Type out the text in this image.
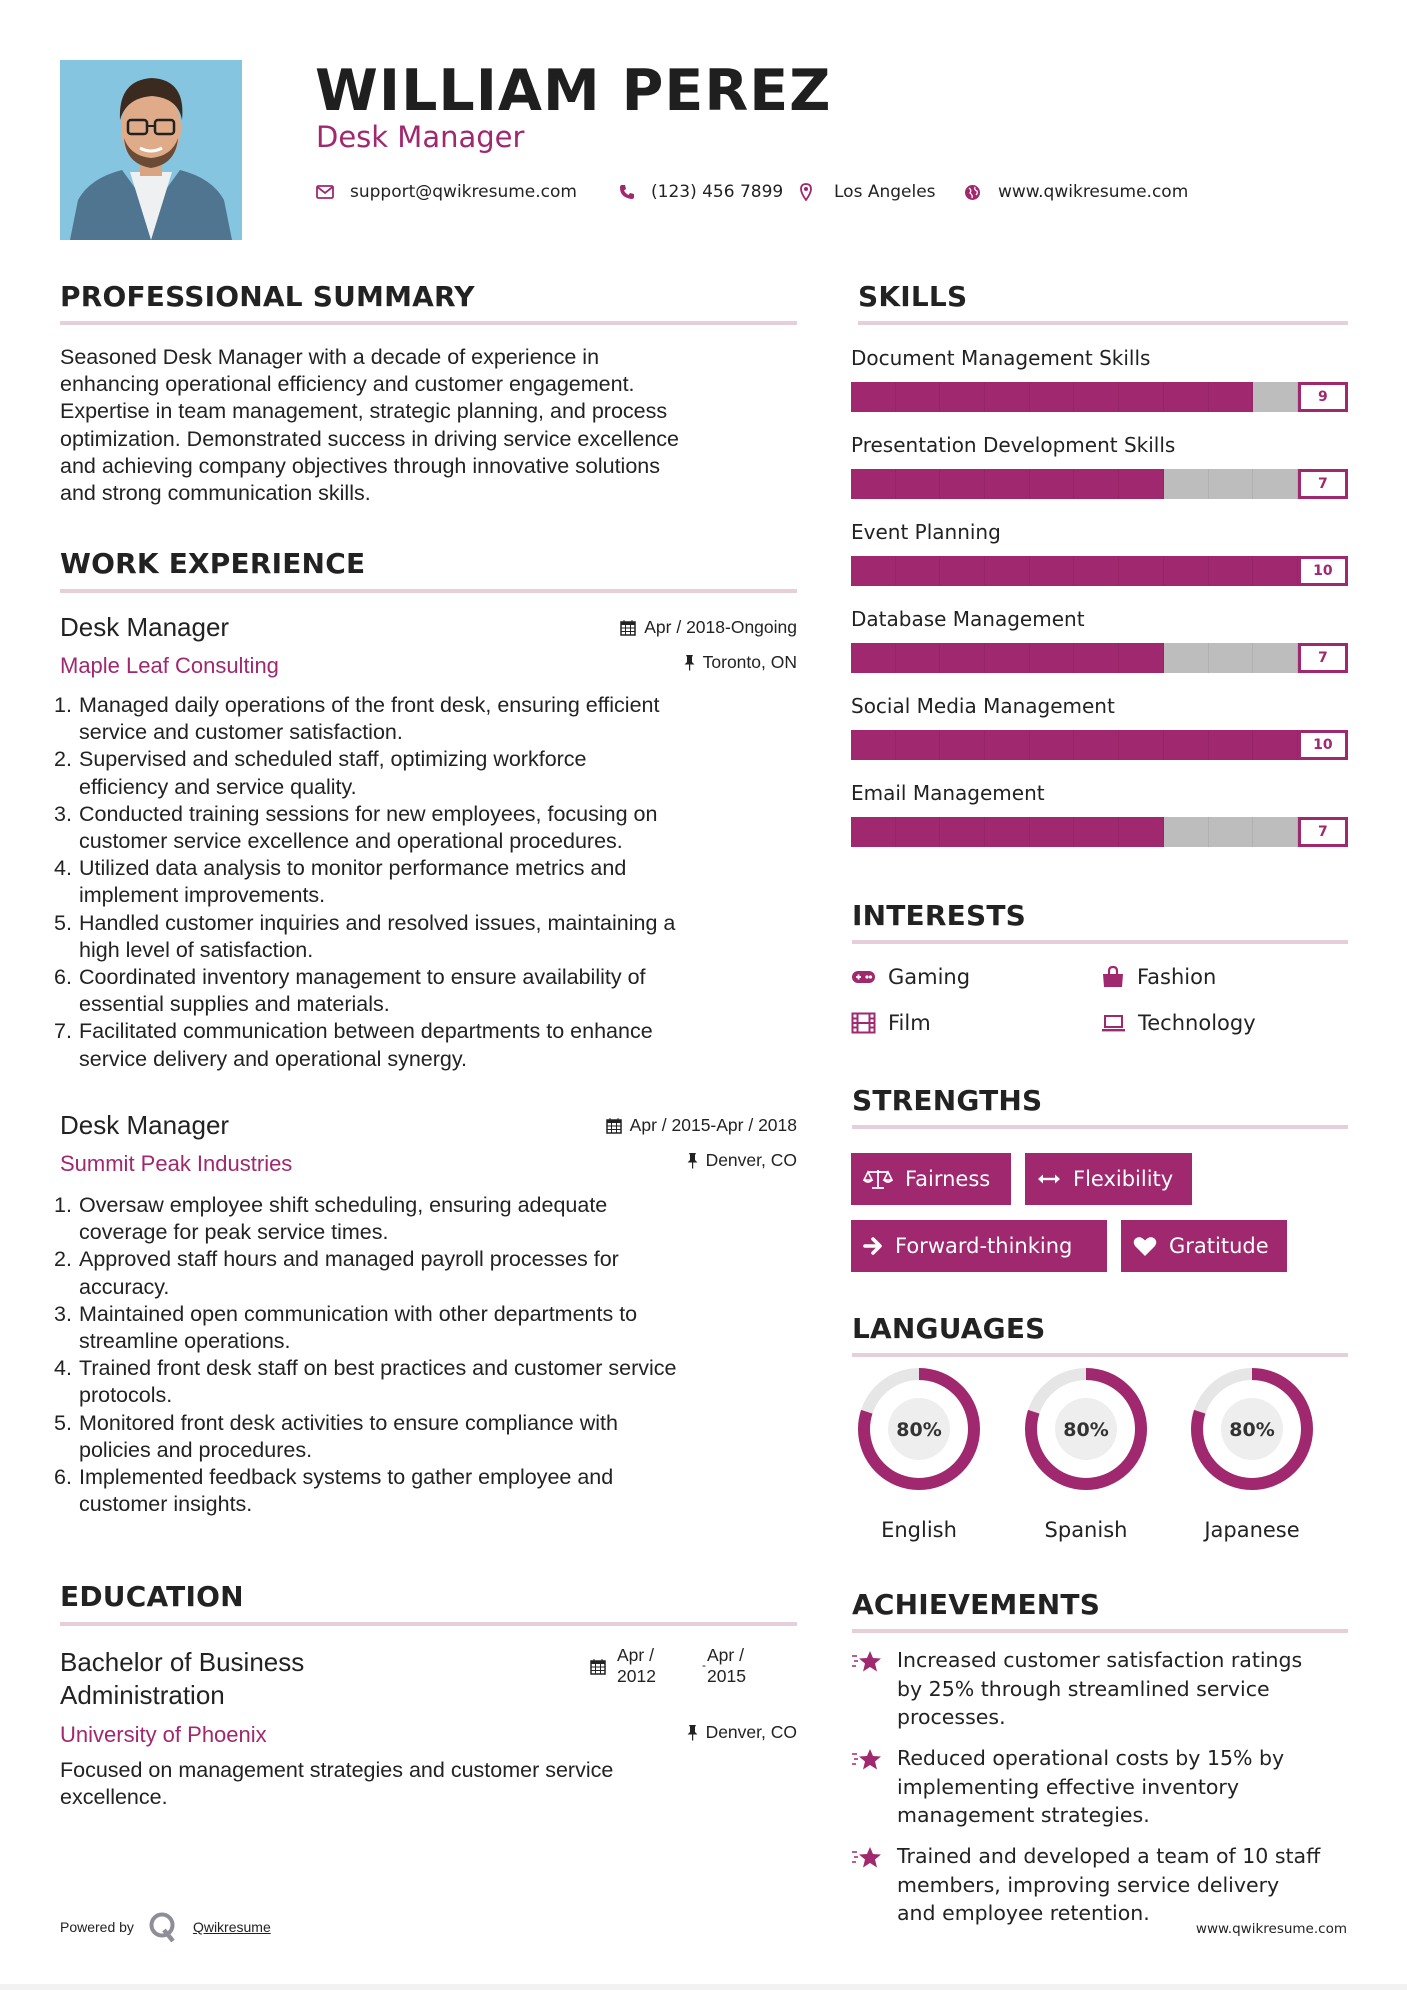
WILLIAM PEREZ
Desk Manager
support@qwikresume.com	(123) 456 7899	Los Angeles	www.qwikresume.com
PROFESSIONAL SUMMARY
Seasoned Desk Manager with a decade of experience in
enhancing operational efficiency and customer engagement.
Expertise in team management, strategic planning, and process
optimization. Demonstrated success in driving service excellence
and achieving company objectives through innovative solutions
and strong communication skills.
WORK EXPERIENCE
Desk Manager
Maple Leaf Consulting
Apr / 2018-Ongoing
Toronto, ON
1. Managed daily operations of the front desk, ensuring efficient
service and customer satisfaction.
2. Supervised and scheduled staff, optimizing workforce
efficiency and service quality.
3. Conducted training sessions for new employees, focusing on
customer service excellence and operational procedures.
4. Utilized data analysis to monitor performance metrics and
implement improvements.
5. Handled customer inquiries and resolved issues, maintaining a
high level of satisfaction.
6. Coordinated inventory management to ensure availability of
essential supplies and materials.
7. Facilitated communication between departments to enhance
service delivery and operational synergy.
Desk Manager
Summit Peak Industries
Apr / 2015-Apr / 2018
Denver, CO
1. Oversaw employee shift scheduling, ensuring adequate
coverage for peak service times.
2. Approved staff hours and managed payroll processes for
accuracy.
3. Maintained open communication with other departments to
streamline operations.
4. Trained front desk staff on best practices and customer service
protocols.
5. Monitored front desk activities to ensure compliance with
policies and procedures.
6. Implemented feedback systems to gather employee and
customer insights.
EDUCATION
Bachelor of Business
Administration
Apr /
2012
- Apr /
2015
University of Phoenix	Denver, CO
Focused on management strategies and customer service
excellence.
Powered by	Qwikresume
SKILLS
Document Management Skills
9
Presentation Development Skills
7
Event Planning
10
Database Management
7
Social Media Management
10
Email Management
7
INTERESTS
Gaming	Fashion
Film	Technology
STRENGTHS
Fairness	Flexibility
Forward-thinking	Gratitude
LANGUAGES
80%
English
80%
Spanish
80%
Japanese
ACHIEVEMENTS
Increased customer satisfaction ratings
by 25% through streamlined service
processes.
Reduced operational costs by 15% by
implementing effective inventory
management strategies.
Trained and developed a team of 10 staff
members, improving service delivery
and employee retention.
www.qwikresume.com
